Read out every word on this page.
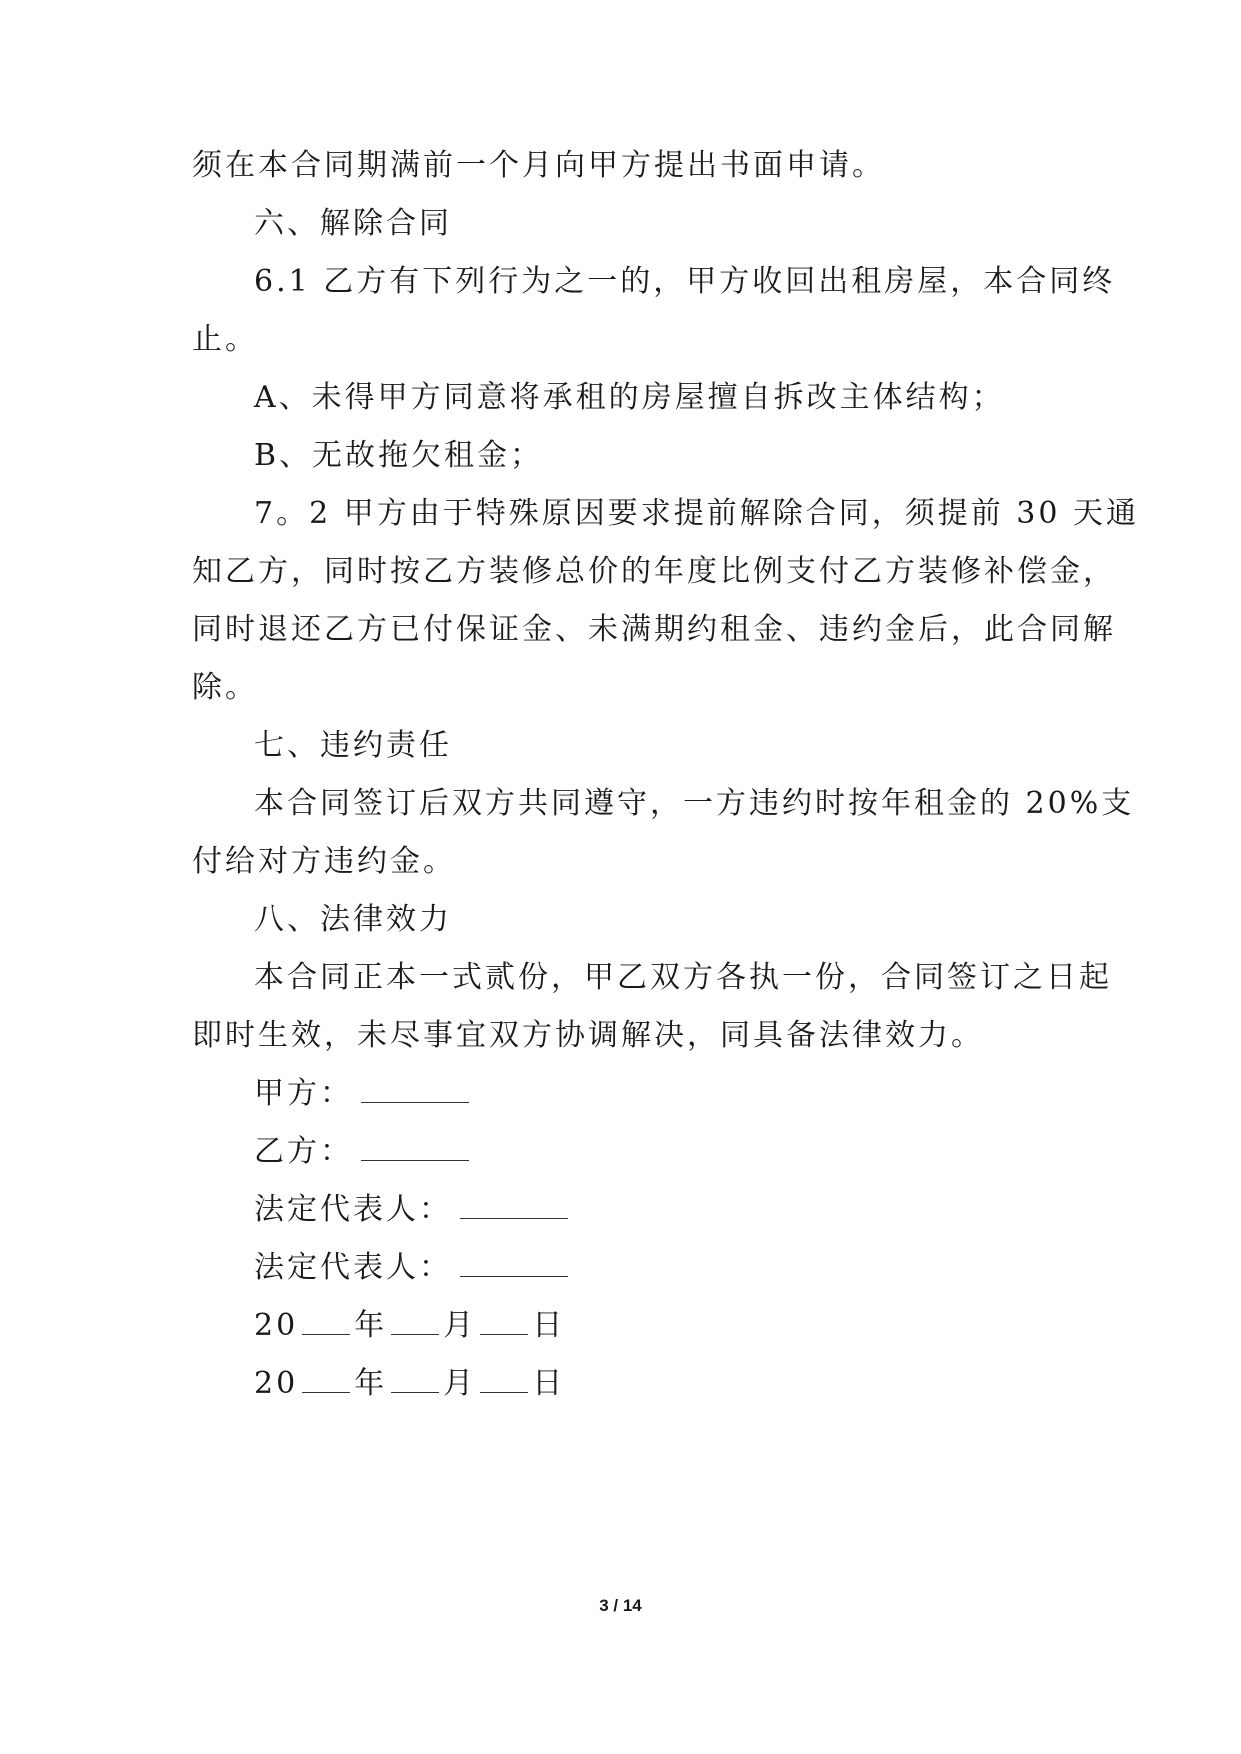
须在本合同期满前一个月向甲方提出书面申请。
六、解除合同
6.1 乙方有下列行为之一的，甲方收回出租房屋，本合同终
止。
A、未得甲方同意将承租的房屋擅自拆改主体结构；
B、无故拖欠租金；
7。2 甲方由于特殊原因要求提前解除合同，须提前 30 天通
知乙方，同时按乙方装修总价的年度比例支付乙方装修补偿金，
同时退还乙方已付保证金、未满期约租金、违约金后，此合同解
除。
七、违约责任
本合同签订后双方共同遵守，一方违约时按年租金的 20%支
付给对方违约金。
八、法律效力
本合同正本一式贰份，甲乙双方各执一份，合同签订之日起
即时生效，未尽事宜双方协调解决，同具备法律效力。
甲方：
乙方：
法定代表人：
法定代表人：
20 年 月 日
20 年 月 日
3 / 14
